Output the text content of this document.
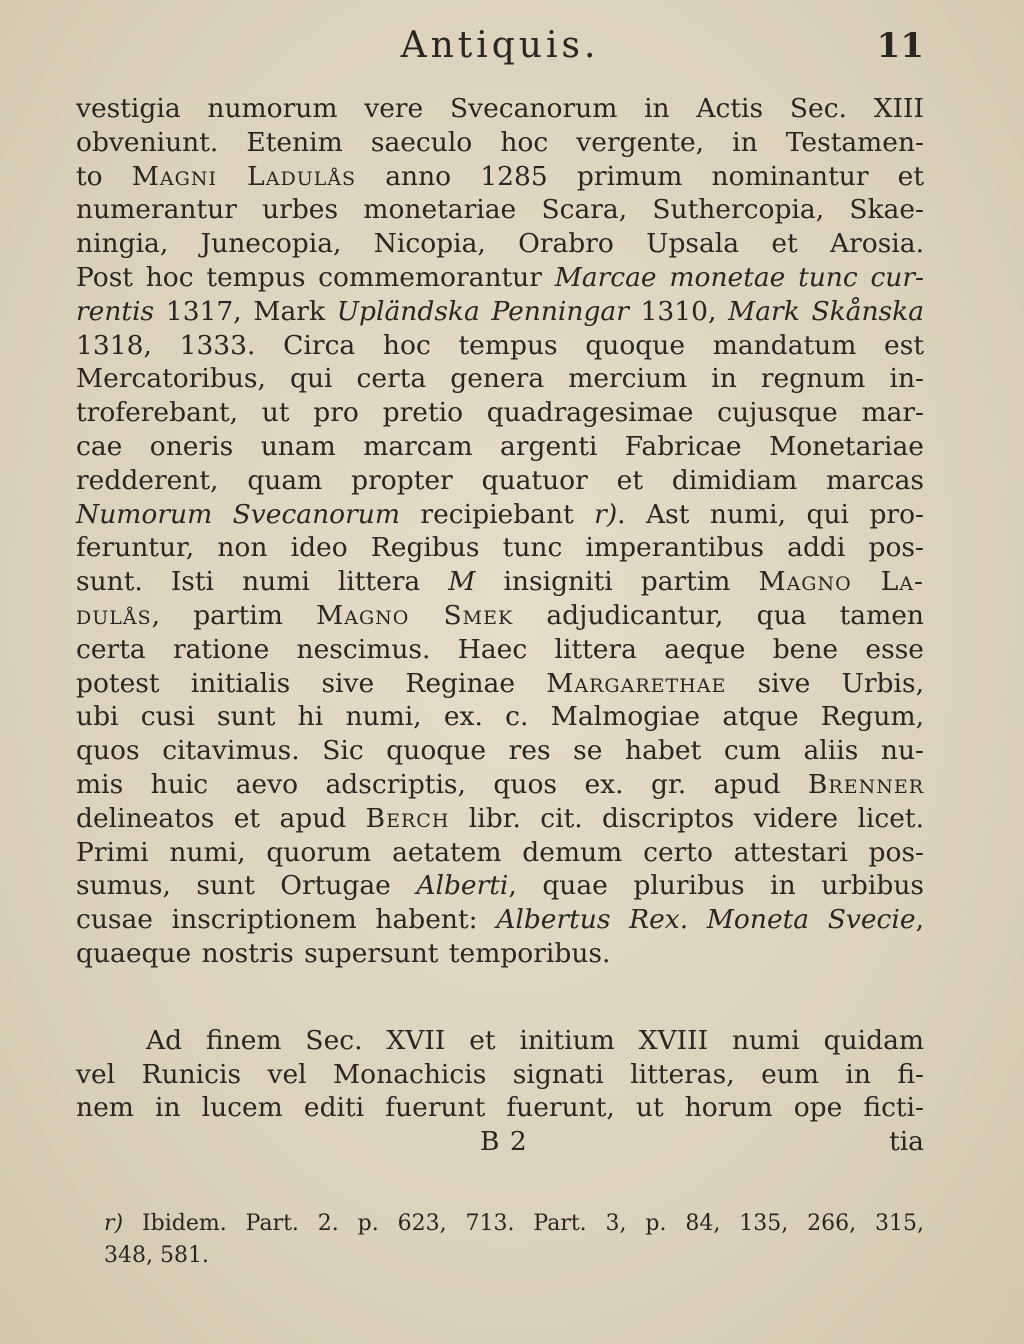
Antiquis.	11
vestigia numorum vere Svecanorum in Actis Sec. XIII
obveniunt. Etenim saeculo hoc vergente, in Testamen-
to Magni Ladulås anno 1285 primum nominantur et
numerantur urbes monetariae Scara, Suthercopia, Skae-
ningia, Junecopia, Nicopia, Orabro Upsala et Arosia.
Post hoc tempus commemorantur Marcae monetae tunc cur-
rentis 1317, Mark Upländska Penningar 1310, Mark Skånska
1318, 1333. Circa hoc tempus quoque mandatum est
Mercatoribus, qui certa genera mercium in regnum in-
troferebant, ut pro pretio quadragesimae cujusque mar-
cae oneris unam marcam argenti Fabricae Monetariae
redderent, quam propter quatuor et dimidiam marcas
Numorum Svecanorum recipiebant r). Ast numi, qui pro-
feruntur, non ideo Regibus tunc imperantibus addi pos-
sunt. Isti numi littera M insigniti partim Magno La-
dulås, partim Magno Smek adjudicantur, qua tamen
certa ratione nescimus. Haec littera aeque bene esse
potest initialis sive Reginae Margarethae sive Urbis,
ubi cusi sunt hi numi, ex. c. Malmogiae atque Regum,
quos citavimus. Sic quoque res se habet cum aliis nu-
mis huic aevo adscriptis, quos ex. gr. apud Brenner
delineatos et apud Berch libr. cit. discriptos videre licet.
Primi numi, quorum aetatem demum certo attestari pos-
sumus, sunt Ortugae Alberti, quae pluribus in urbibus
cusae inscriptionem habent: Albertus Rex. Moneta Svecie,
quaeque nostris supersunt temporibus.
Ad finem Sec. XVII et initium XVIII numi quidam
vel Runicis vel Monachicis signati litteras, eum in fi-
nem in lucem editi fuerunt fuerunt, ut horum ope ficti-
B 2	tia
r) Ibidem. Part. 2. p. 623, 713. Part. 3, p. 84, 135, 266, 315,
348, 581.
